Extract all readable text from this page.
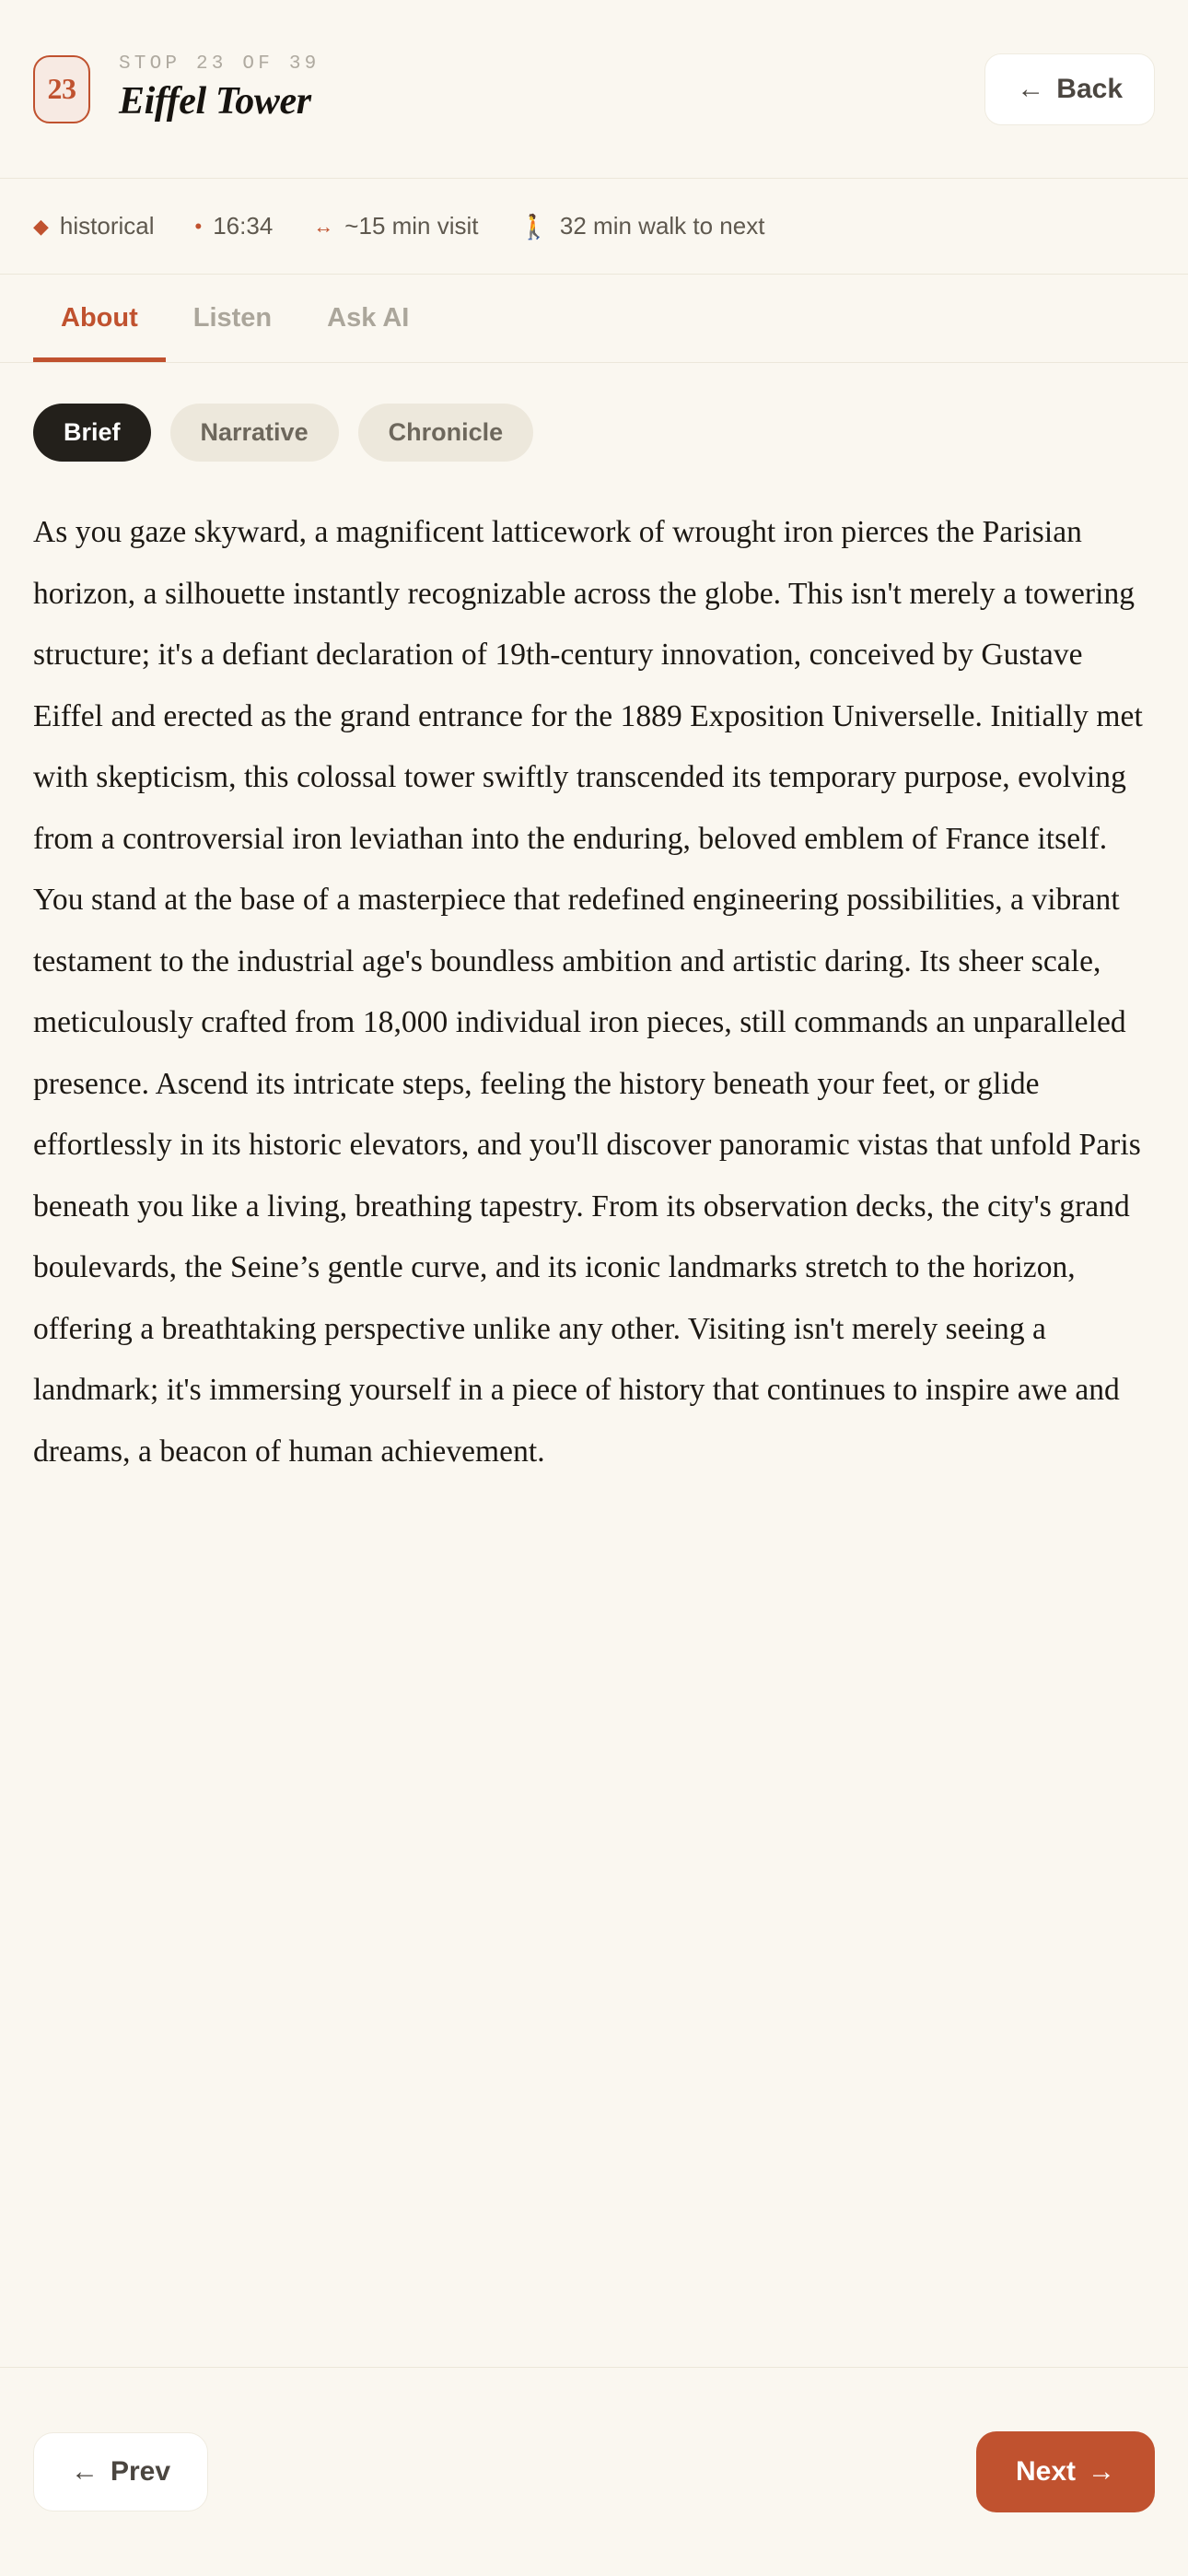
23
STOP 23 OF 39
Eiffel Tower	← Back
◆ historical • 16:34 ↔ ~15 min visit 🚶 32 min walk to next
About Listen Ask AI
Brief	Narrative	Chronicle

As you gaze skyward, a magnificent latticework of wrought iron pierces the Parisian horizon, a silhouette instantly recognizable across the globe. This isn't merely a towering structure; it's a defiant declaration of 19th-century innovation, conceived by Gustave Eiffel and erected as the grand entrance for the 1889 Exposition Universelle. Initially met with skepticism, this colossal tower swiftly transcended its temporary purpose, evolving from a controversial iron leviathan into the enduring, beloved emblem of France itself. You stand at the base of a masterpiece that redefined engineering possibilities, a vibrant testament to the industrial age's boundless ambition and artistic daring. Its sheer scale, meticulously crafted from 18,000 individual iron pieces, still commands an unparalleled presence. Ascend its intricate steps, feeling the history beneath your feet, or glide effortlessly in its historic elevators, and you'll discover panoramic vistas that unfold Paris beneath you like a living, breathing tapestry. From its observation decks, the city's grand boulevards, the Seine’s gentle curve, and its iconic landmarks stretch to the horizon, offering a breathtaking perspective unlike any other. Visiting isn't merely seeing a landmark; it's immersing yourself in a piece of history that continues to inspire awe and dreams, a beacon of human achievement.

← Prev	Next →
